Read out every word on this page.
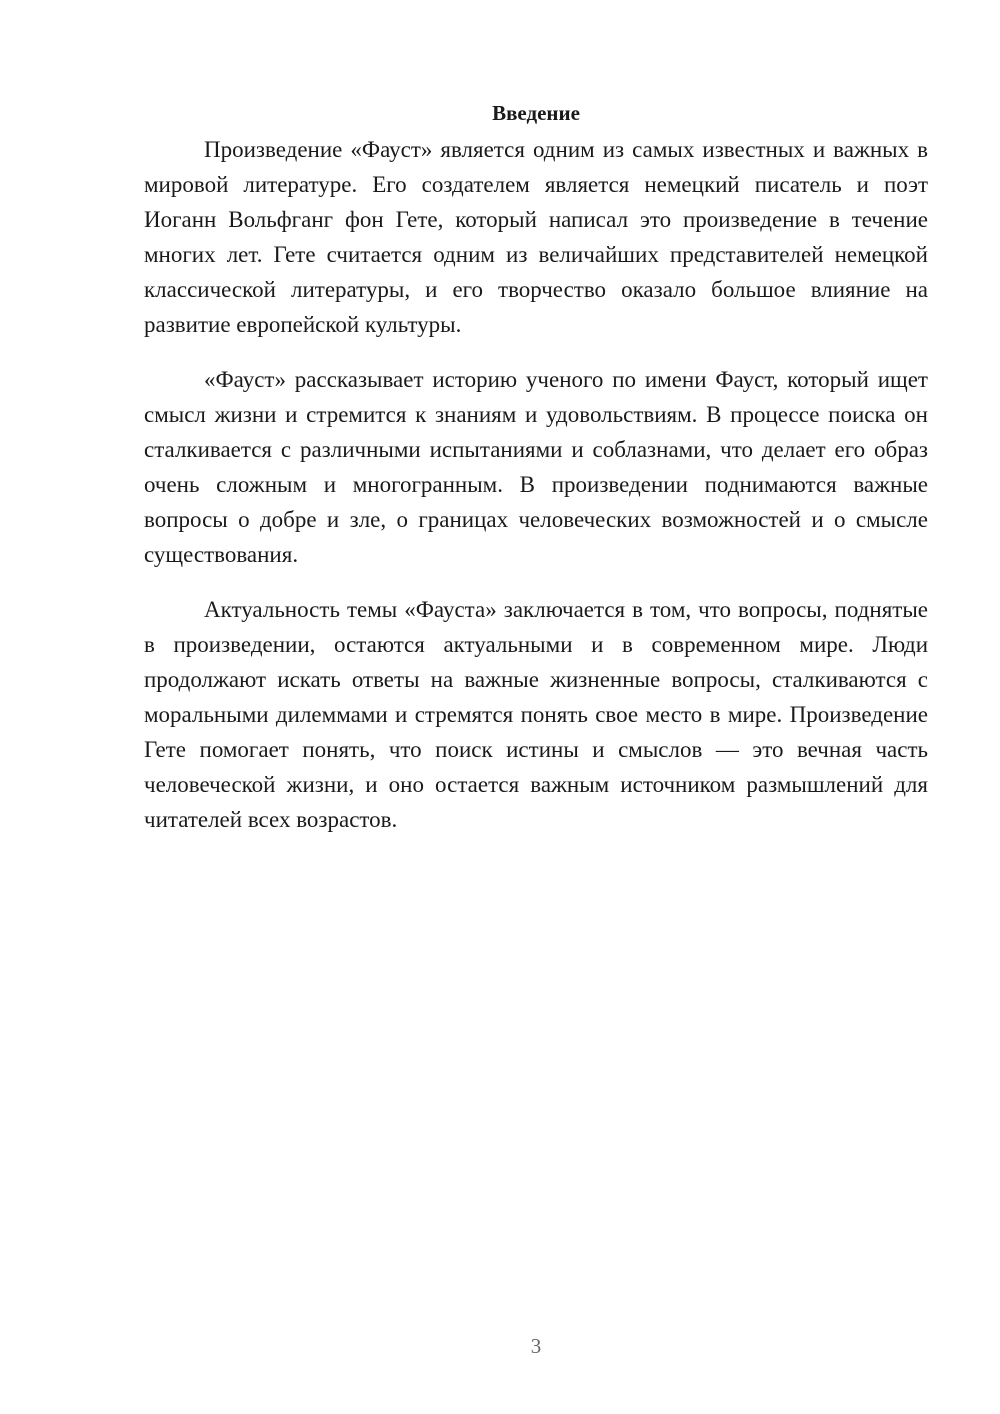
Введение

Произведение «Фауст» является одним из самых известных и важных в мировой литературе. Его создателем является немецкий писатель и поэт Иоганн Вольфганг фон Гете, который написал это произведение в течение многих лет. Гете считается одним из величайших представителей немецкой классической литературы, и его творчество оказало большое влияние на развитие европейской культуры.

«Фауст» рассказывает историю ученого по имени Фауст, который ищет смысл жизни и стремится к знаниям и удовольствиям. В процессе поиска он сталкивается с различными испытаниями и соблазнами, что делает его образ очень сложным и многогранным. В произведении поднимаются важные вопросы о добре и зле, о границах человеческих возможностей и о смысле существования.

Актуальность темы «Фауста» заключается в том, что вопросы, поднятые в произведении, остаются актуальными и в современном мире. Люди продолжают искать ответы на важные жизненные вопросы, сталкиваются с моральными дилеммами и стремятся понять свое место в мире. Произведение Гете помогает понять, что поиск истины и смыслов — это вечная часть человеческой жизни, и оно остается важным источником размышлений для читателей всех возрастов.

3
